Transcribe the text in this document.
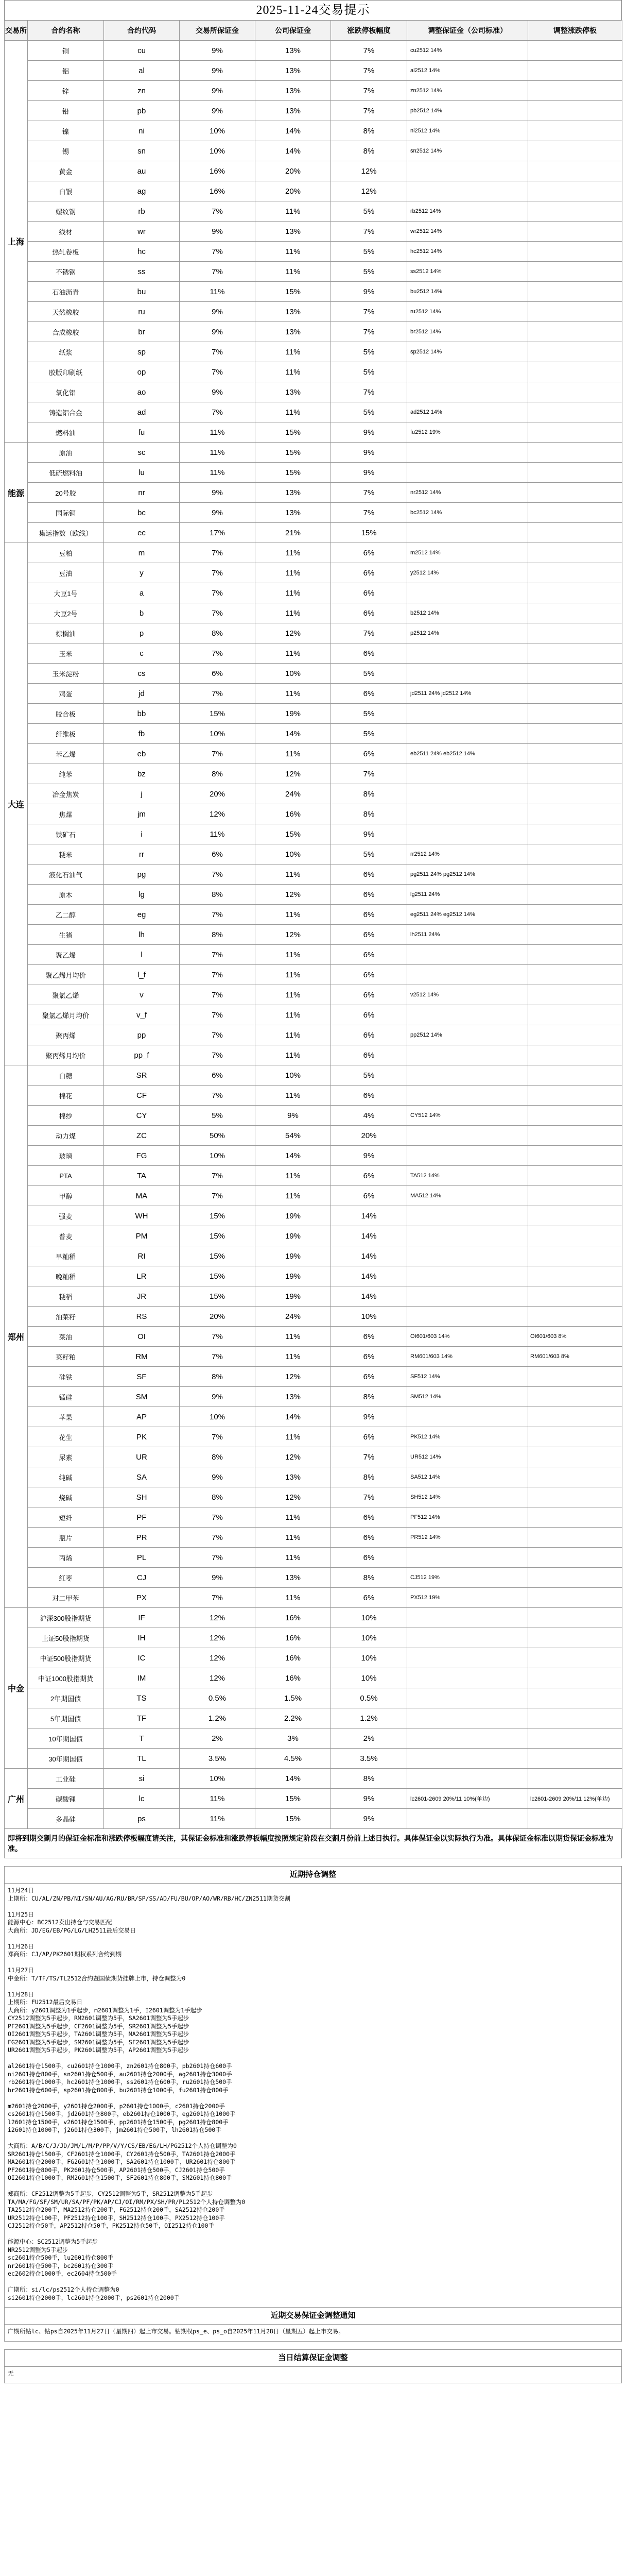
2025-11-24交易提示
交易所	合约名称	合约代码	交易所保证金	公司保证金	涨跌停板幅度	调整保证金（公司标准）	调整涨跌停板
上海	铜	cu	9%	13%	7%	cu2512 14%	
	铝	al	9%	13%	7%	al2512 14%	
	锌	zn	9%	13%	7%	zn2512 14%	
	铅	pb	9%	13%	7%	pb2512 14%	
	镍	ni	10%	14%	8%	ni2512 14%	
	锡	sn	10%	14%	8%	sn2512 14%	
	黄金	au	16%	20%	12%		
	白银	ag	16%	20%	12%		
	螺纹钢	rb	7%	11%	5%	rb2512 14%	
	线材	wr	9%	13%	7%	wr2512 14%	
	热轧卷板	hc	7%	11%	5%	hc2512 14%	
	不锈钢	ss	7%	11%	5%	ss2512 14%	
	石油沥青	bu	11%	15%	9%	bu2512 14%	
	天然橡胶	ru	9%	13%	7%	ru2512 14%	
	合成橡胶	br	9%	13%	7%	br2512 14%	
	纸浆	sp	7%	11%	5%	sp2512 14%	
	胶版印刷纸	op	7%	11%	5%		
	氧化铝	ao	9%	13%	7%		
	铸造铝合金	ad	7%	11%	5%	ad2512 14%	
	燃料油	fu	11%	15%	9%	fu2512 19%	
能源	原油	sc	11%	15%	9%		
	低硫燃料油	lu	11%	15%	9%		
	20号胶	nr	9%	13%	7%	nr2512 14%	
	国际铜	bc	9%	13%	7%	bc2512 14%	
	集运指数（欧线）	ec	17%	21%	15%		
大连	豆粕	m	7%	11%	6%	m2512 14%	
	豆油	y	7%	11%	6%	y2512 14%	
	大豆1号	a	7%	11%	6%		
	大豆2号	b	7%	11%	6%	b2512 14%	
	棕榈油	p	8%	12%	7%	p2512 14%	
	玉米	c	7%	11%	6%		
	玉米淀粉	cs	6%	10%	5%		
	鸡蛋	jd	7%	11%	6%	jd2511 24% jd2512 14%	
	胶合板	bb	15%	19%	5%		
	纤维板	fb	10%	14%	5%		
	苯乙烯	eb	7%	11%	6%	eb2511 24% eb2512 14%	
	纯苯	bz	8%	12%	7%		
	冶金焦炭	j	20%	24%	8%		
	焦煤	jm	12%	16%	8%		
	铁矿石	i	11%	15%	9%		
	粳米	rr	6%	10%	5%	rr2512 14%	
	液化石油气	pg	7%	11%	6%	pg2511 24% pg2512 14%	
	原木	lg	8%	12%	6%	lg2511 24%	
	乙二醇	eg	7%	11%	6%	eg2511 24% eg2512 14%	
	生猪	lh	8%	12%	6%	lh2511 24%	
	聚乙烯	l	7%	11%	6%		
	聚乙烯月均价	l_f	7%	11%	6%		
	聚氯乙烯	v	7%	11%	6%	v2512 14%	
	聚氯乙烯月均价	v_f	7%	11%	6%		
	聚丙烯	pp	7%	11%	6%	pp2512 14%	
	聚丙烯月均价	pp_f	7%	11%	6%		
郑州	白糖	SR	6%	10%	5%		
	棉花	CF	7%	11%	6%		
	棉纱	CY	5%	9%	4%	CY512 14%	
	动力煤	ZC	50%	54%	20%		
	玻璃	FG	10%	14%	9%		
	PTA	TA	7%	11%	6%	TA512 14%	
	甲醇	MA	7%	11%	6%	MA512 14%	
	强麦	WH	15%	19%	14%		
	普麦	PM	15%	19%	14%		
	早籼稻	RI	15%	19%	14%		
	晚籼稻	LR	15%	19%	14%		
	粳稻	JR	15%	19%	14%		
	油菜籽	RS	20%	24%	10%		
	菜油	OI	7%	11%	6%	OI601/603 14%	OI601/603 8%
	菜籽粕	RM	7%	11%	6%	RM601/603 14%	RM601/603 8%
	硅铁	SF	8%	12%	6%	SF512 14%	
	锰硅	SM	9%	13%	8%	SM512 14%	
	苹果	AP	10%	14%	9%		
	花生	PK	7%	11%	6%	PK512 14%	
	尿素	UR	8%	12%	7%	UR512 14%	
	纯碱	SA	9%	13%	8%	SA512 14%	
	烧碱	SH	8%	12%	7%	SH512 14%	
	短纤	PF	7%	11%	6%	PF512 14%	
	瓶片	PR	7%	11%	6%	PR512 14%	
	丙烯	PL	7%	11%	6%		
	红枣	CJ	9%	13%	8%	CJ512 19%	
	对二甲苯	PX	7%	11%	6%	PX512 19%	
中金	沪深300股指期货	IF	12%	16%	10%		
	上证50股指期货	IH	12%	16%	10%		
	中证500股指期货	IC	12%	16%	10%		
	中证1000股指期货	IM	12%	16%	10%		
	2年期国债	TS	0.5%	1.5%	0.5%		
	5年期国债	TF	1.2%	2.2%	1.2%		
	10年期国债	T	2%	3%	2%		
	30年期国债	TL	3.5%	4.5%	3.5%		
广州	工业硅	si	10%	14%	8%		
	碳酸锂	lc	11%	15%	9%	lc2601-2609 20%/11 10%(单边)	lc2601-2609 20%/11 12%(单边)
	多晶硅	ps	11%	15%	9%		
即将到期交割月的保证金标准和涨跌停板幅度请关注，其保证金标准和涨跌停板幅度按照规定阶段在交割月份前上述日执行。具体保证金以实际执行为准。具体保证金标准以期货保证金标准为准。
近期持仓调整

11月24日

上期所：CU/AL/ZN/PB/NI/SN/AU/AG/RU/BR/SP/SS/AD/FU/BU/OP/AO/WR/RB/HC/ZN2511期货交割

11月25日

能源中心：BC2512卖出持仓与交易匹配

大商所：JD/EG/EB/PG/LG/LH2511最后交易日

11月26日

郑商所：CJ/AP/PK2601期权系列合约到期

11月27日

中金所：T/TF/TS/TL2512合约暨国债期货挂牌上市，持仓调整为0

11月28日

上期所：FU2512最后交易日

大商所：y2601调整为1手起步，m2601调整为1手，I2601调整为1手起步

CY2512调整为5手起步，RM2601调整为5手，SA2601调整为5手起步

PF2601调整为5手起步，CF2601调整为5手，SR2601调整为5手起步

OI2601调整为5手起步，TA2601调整为5手，MA2601调整为5手起步

FG2601调整为5手起步，SM2601调整为5手，SF2601调整为5手起步

UR2601调整为5手起步，PK2601调整为5手，AP2601调整为5手起步

al2601持仓1500手，cu2601持仓1000手，zn2601持仓800手，pb2601持仓600手

ni2601持仓800手，sn2601持仓500手，au2601持仓2000手，ag2601持仓3000手

rb2601持仓1000手，hc2601持仓1000手，ss2601持仓600手，ru2601持仓500手

br2601持仓600手，sp2601持仓800手，bu2601持仓1000手，fu2601持仓800手

m2601持仓2000手，y2601持仓2000手，p2601持仓1000手，c2601持仓2000手

cs2601持仓1500手，jd2601持仓800手，eb2601持仓1000手，eg2601持仓1000手

l2601持仓1500手，v2601持仓1500手，pp2601持仓1500手，pg2601持仓800手

i2601持仓1000手，j2601持仓300手，jm2601持仓500手，lh2601持仓500手

大商所：A/B/C/J/JD/JM/L/M/P/PP/V/Y/CS/EB/EG/LH/PG2512个人持仓调整为0

SR2601持仓1500手，CF2601持仓1000手，CY2601持仓500手，TA2601持仓2000手

MA2601持仓2000手，FG2601持仓1000手，SA2601持仓1000手，UR2601持仓800手

PF2601持仓800手，PK2601持仓500手，AP2601持仓500手，CJ2601持仓500手

OI2601持仓1000手，RM2601持仓1500手，SF2601持仓800手，SM2601持仓800手

郑商所：CF2512调整为5手起步，CY2512调整为5手，SR2512调整为5手起步

TA/MA/FG/SF/SM/UR/SA/PF/PK/AP/CJ/OI/RM/PX/SH/PR/PL2512个人持仓调整为0

TA2512持仓200手，MA2512持仓200手，FG2512持仓200手，SA2512持仓200手

UR2512持仓100手，PF2512持仓100手，SH2512持仓100手，PX2512持仓100手

CJ2512持仓50手，AP2512持仓50手，PK2512持仓50手，OI2512持仓100手

能源中心：SC2512调整为5手起步

NR2512调整为5手起步

sc2601持仓500手，lu2601持仓800手

nr2601持仓500手，bc2601持仓300手

ec2602持仓1000手，ec2604持仓500手

广期所：si/lc/ps2512个人持仓调整为0

si2601持仓2000手，lc2601持仓2000手，ps2601持仓2000手

近期交易保证金调整通知

广期所钻lc、钻ps自2025年11月27日（星期四）起上市交易。钻期权ps_e、ps_o自2025年11月28日（星期五）起上市交易。

当日结算保证金调整

无
